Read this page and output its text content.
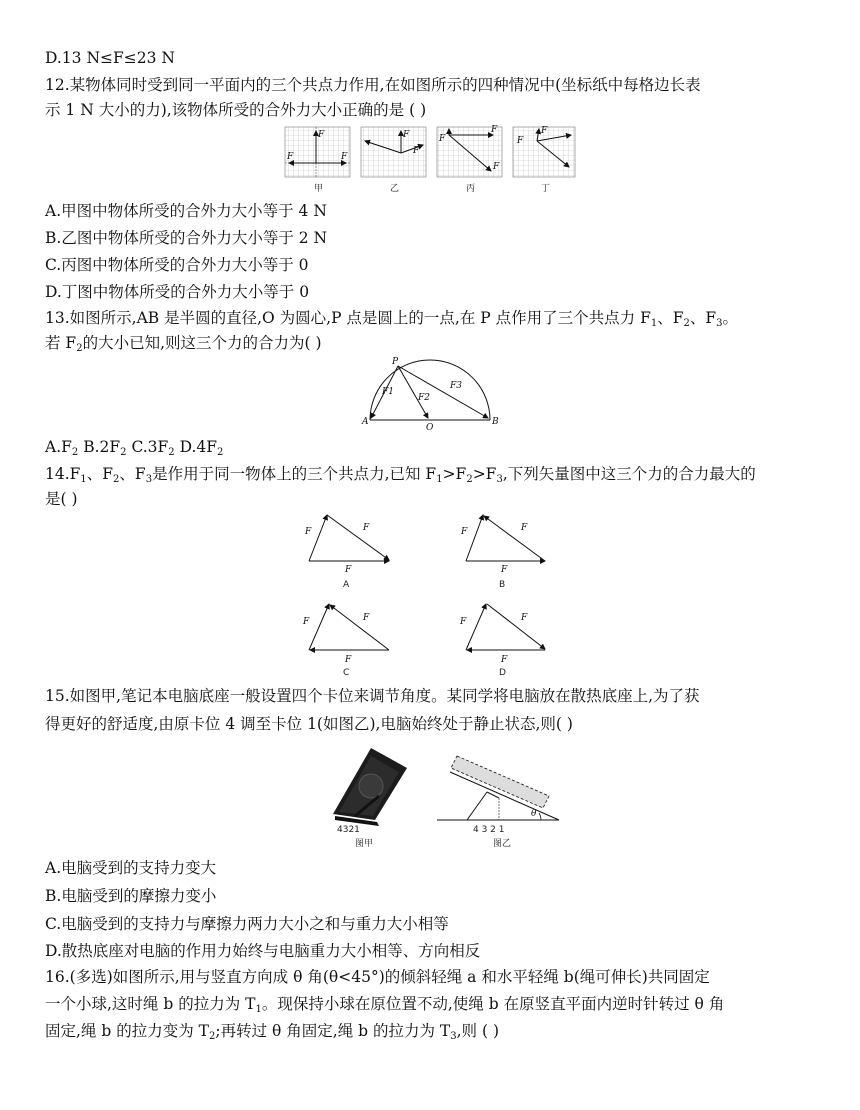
D.13 N≤F≤23 N
12.某物体同时受到同一平面内的三个共点力作用,在如图所示的四种情况中(坐标纸中每格边长表
示 1 N 大小的力),该物体所受的合外力大小正确的是 ( )
F
F
F
F
F
F
F
F
F
F
甲	乙	丙	丁
A.甲图中物体所受的合外力大小等于 4 N
B.乙图中物体所受的合外力大小等于 2 N
C.丙图中物体所受的合外力大小等于 0
D.丁图中物体所受的合外力大小等于 0
13.如图所示,AB 是半圆的直径,O 为圆心,P 点是圆上的一点,在 P 点作用了三个共点力 $F_1$、$F_2$、$F_3$。
若 $F_2$的大小已知,则这三个力的合力为( )
P
A
O
B
F1
F2
F3
$A.F_2$ $B.2F_2$ $C.3F_2$ $D.4F_2$
$14.F_1$、$F_2$、$F_3$是作用于同一物体上的三个共点力,已知 $F_1>F_2>F_3$,下列矢量图中这三个力的合力最大的
是( )
F	F
F
A
F	F
F
B
F	F
F
C
F	F
F
D
15.如图甲,笔记本电脑底座一般设置四个卡位来调节角度。某同学将电脑放在散热底座上,为了获
得更好的舒适度,由原卡位 4 调至卡位 1(如图乙),电脑始终处于静止状态,则( )
4321
图甲
θ
4 3 2 1
图乙
A.电脑受到的支持力变大
B.电脑受到的摩擦力变小
C.电脑受到的支持力与摩擦力两力大小之和与重力大小相等
D.散热底座对电脑的作用力始终与电脑重力大小相等、方向相反
16.(多选)如图所示,用与竖直方向成 θ 角(θ<45°)的倾斜轻绳 a 和水平轻绳 b(绳可伸长)共同固定
一个小球,这时绳 b 的拉力为 $T_1$。现保持小球在原位置不动,使绳 b 在原竖直平面内逆时针转过 θ 角
固定,绳 b 的拉力变为 $T_2$;再转过 θ 角固定,绳 b 的拉力为 $T_3$,则 ( )
